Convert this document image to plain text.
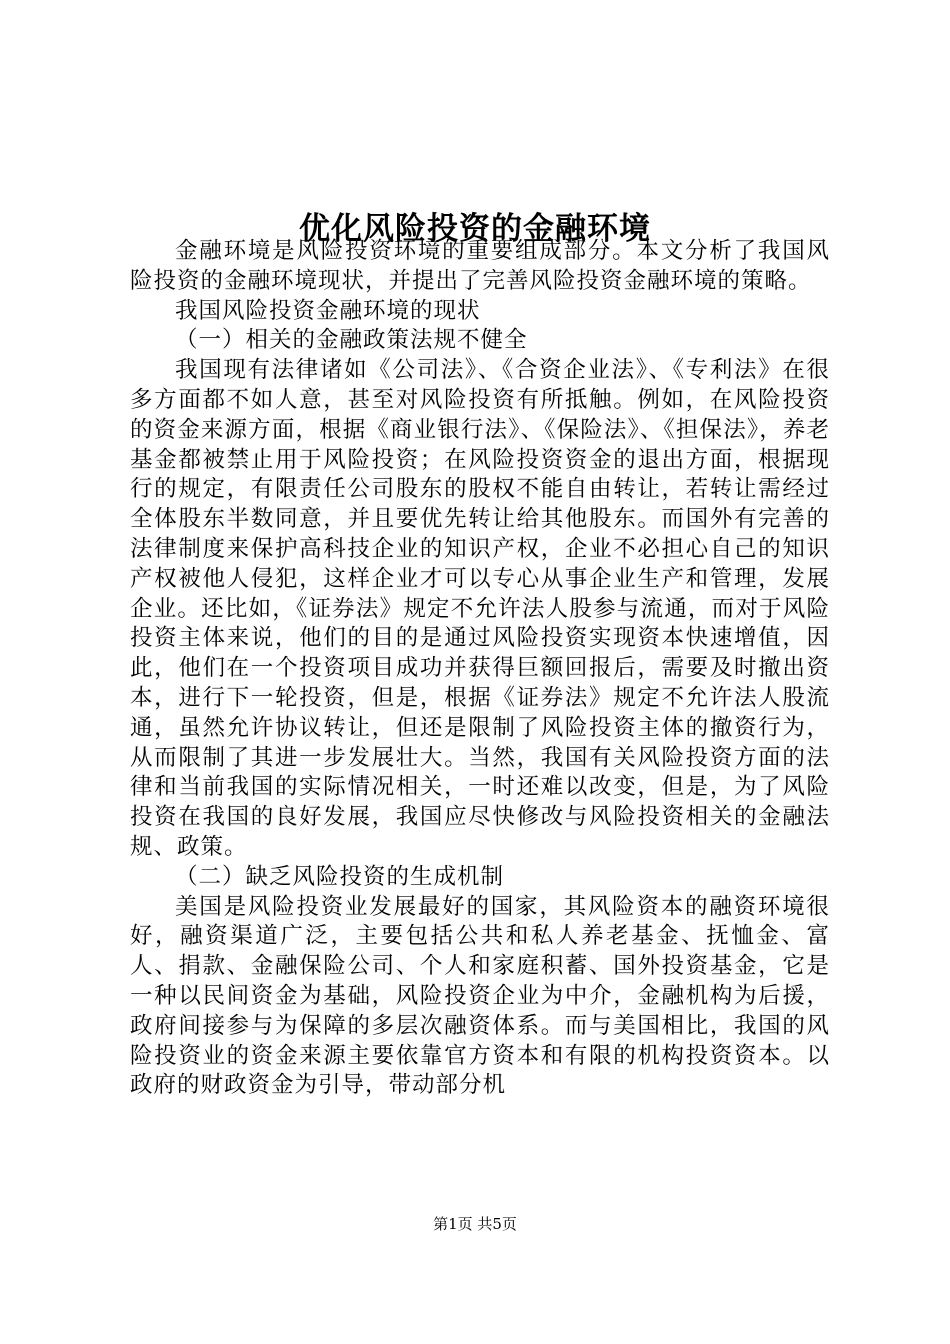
优化风险投资的金融环境

金融环境是风险投资环境的重要组成部分。本文分析了我国风险投资的金融环境现状，并提出了完善风险投资金融环境的策略。

我国风险投资金融环境的现状

（一）相关的金融政策法规不健全

我国现有法律诸如《公司法》、《合资企业法》、《专利法》在很多方面都不如人意，甚至对风险投资有所抵触。例如，在风险投资的资金来源方面，根据《商业银行法》、《保险法》、《担保法》，养老基金都被禁止用于风险投资；在风险投资资金的退出方面，根据现行的规定，有限责任公司股东的股权不能自由转让，若转让需经过全体股东半数同意，并且要优先转让给其他股东。而国外有完善的法律制度来保护高科技企业的知识产权，企业不必担心自己的知识产权被他人侵犯，这样企业才可以专心从事企业生产和管理，发展企业。还比如，《证券法》规定不允许法人股参与流通，而对于风险投资主体来说，他们的目的是通过风险投资实现资本快速增值，因此，他们在一个投资项目成功并获得巨额回报后，需要及时撤出资本，进行下一轮投资，但是，根据《证券法》规定不允许法人股流通，虽然允许协议转让，但还是限制了风险投资主体的撤资行为，从而限制了其进一步发展壮大。当然，我国有关风险投资方面的法律和当前我国的实际情况相关，一时还难以改变，但是，为了风险投资在我国的良好发展，我国应尽快修改与风险投资相关的金融法规、政策。

（二）缺乏风险投资的生成机制

美国是风险投资业发展最好的国家，其风险资本的融资环境很好，融资渠道广泛，主要包括公共和私人养老基金、抚恤金、富人、捐款、金融保险公司、个人和家庭积蓄、国外投资基金，它是一种以民间资金为基础，风险投资企业为中介，金融机构为后援，政府间接参与为保障的多层次融资体系。而与美国相比，我国的风险投资业的资金来源主要依靠官方资本和有限的机构投资资本。以政府的财政资金为引导，带动部分机

第1页 共5页
